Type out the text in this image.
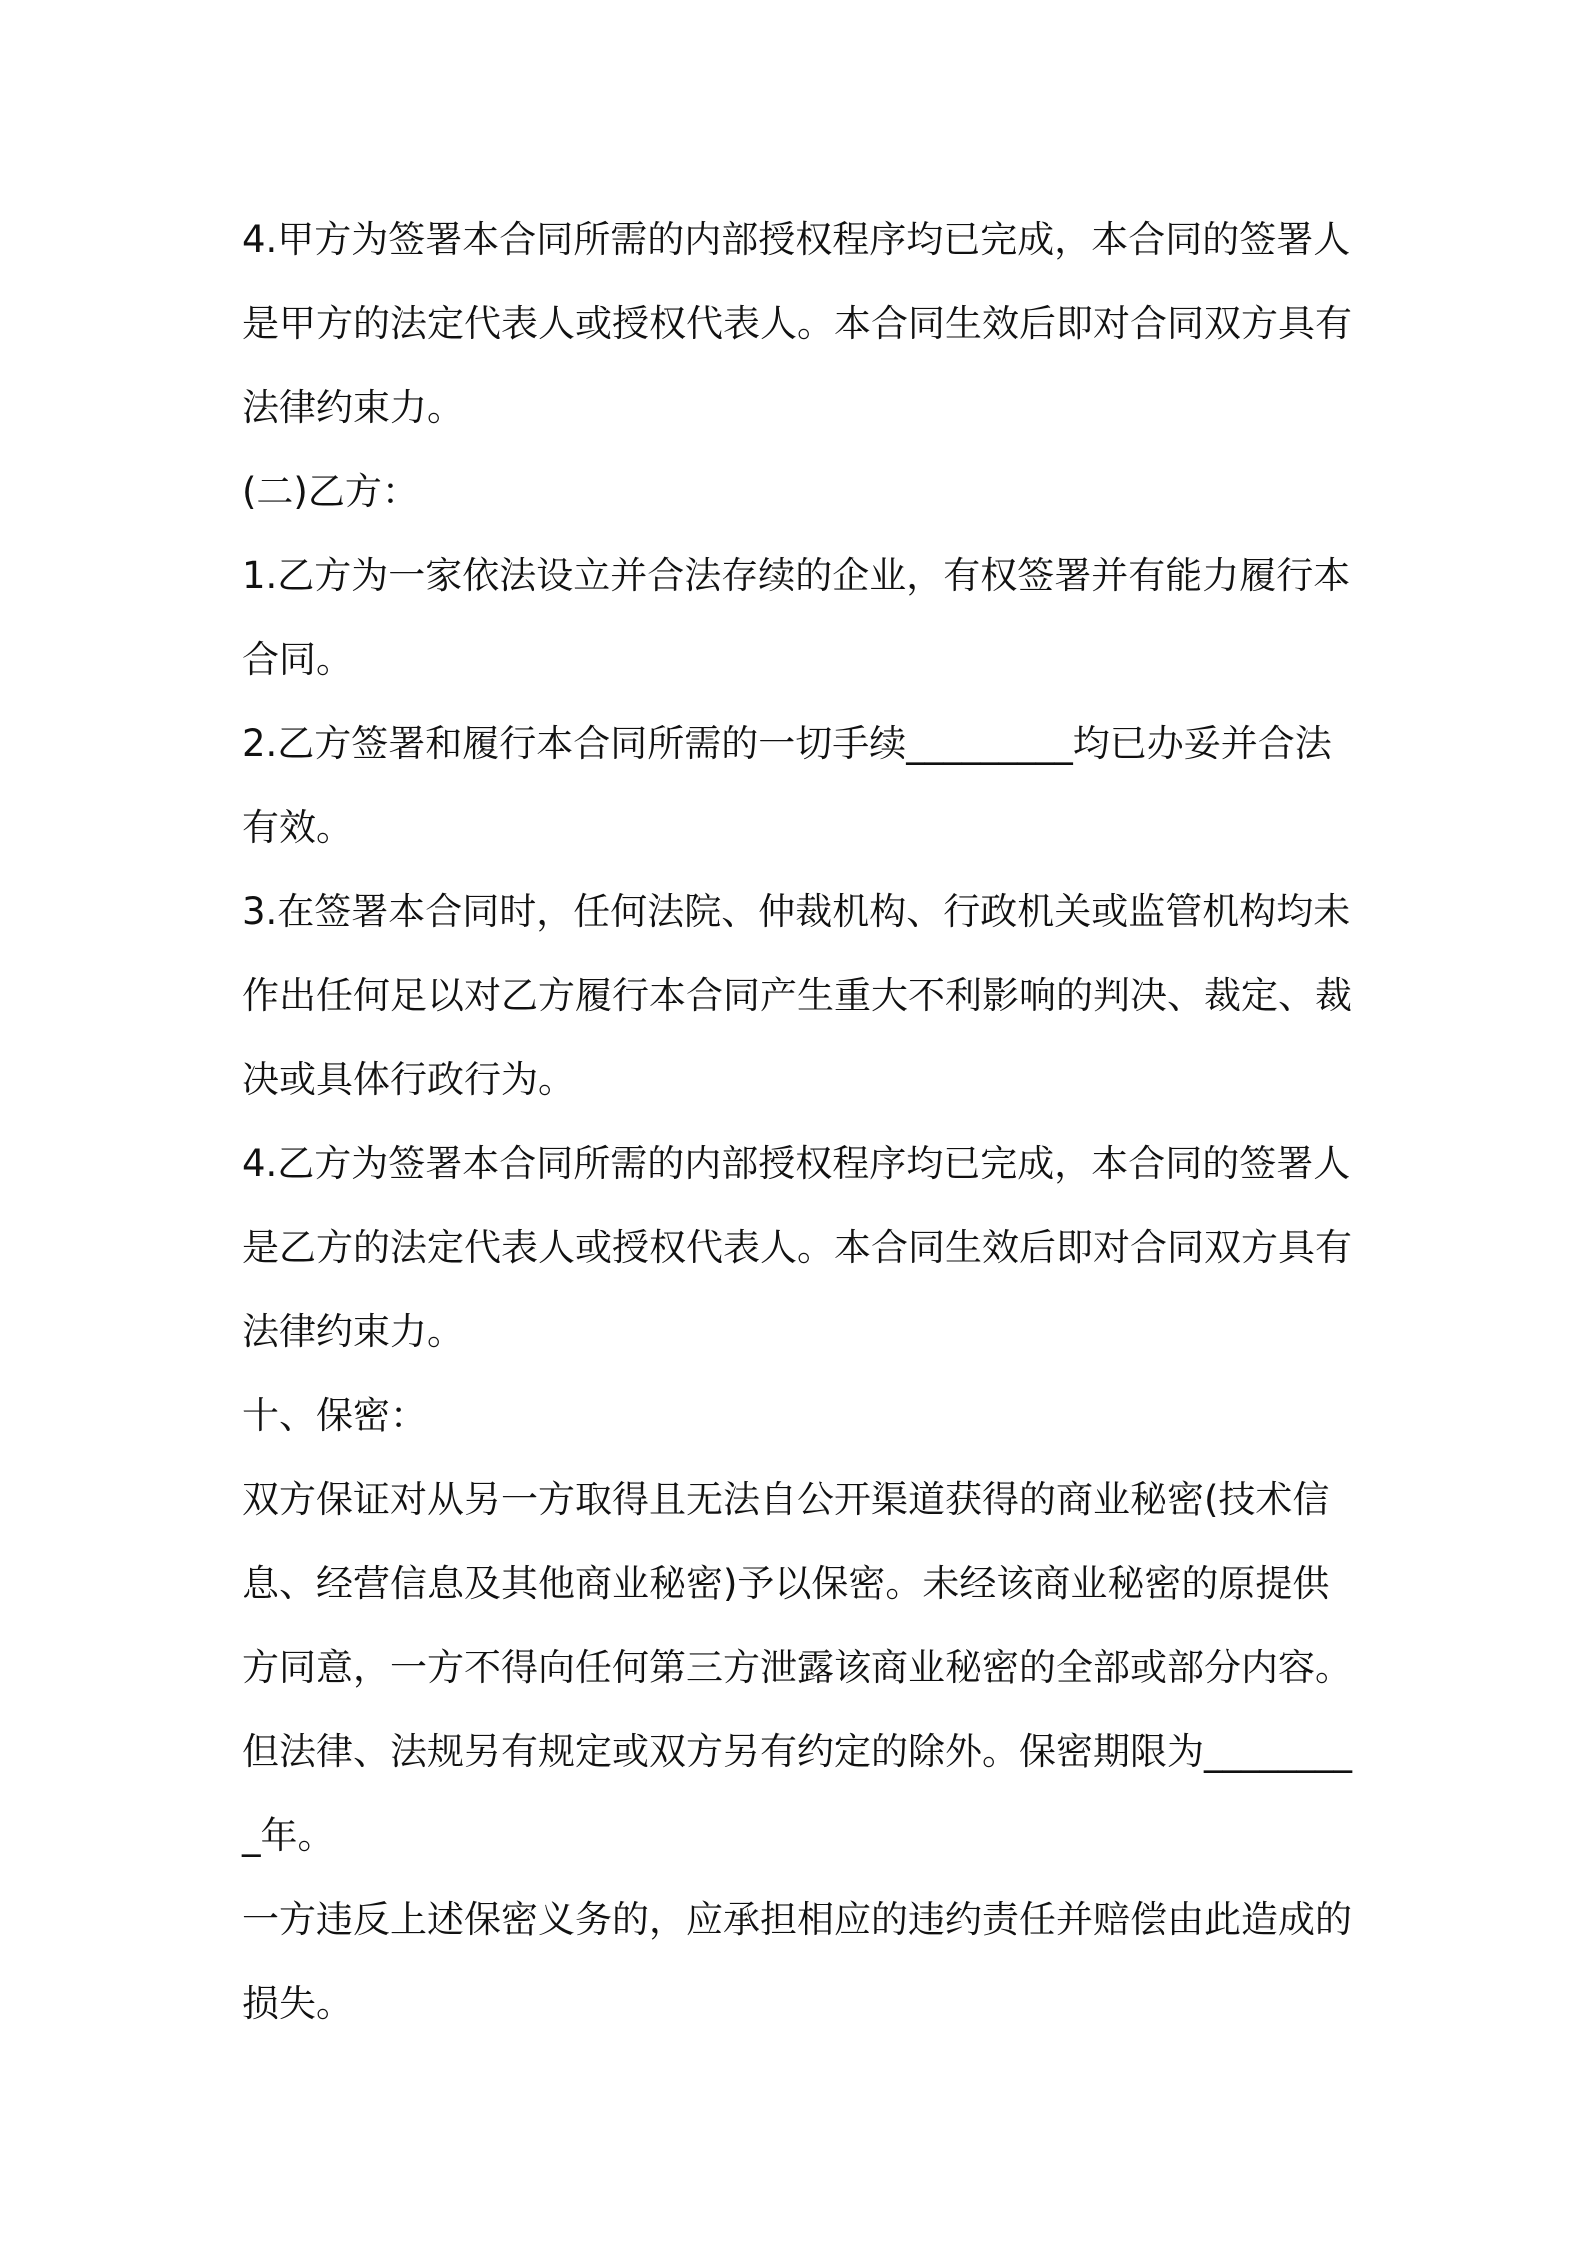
4.甲方为签署本合同所需的内部授权程序均已完成，本合同的签署人是甲方的法定代表人或授权代表人。本合同生效后即对合同双方具有法律约束力。

(二)乙方：

1.乙方为一家依法设立并合法存续的企业，有权签署并有能力履行本合同。

2.乙方签署和履行本合同所需的一切手续_________均已办妥并合法有效。

3.在签署本合同时，任何法院、仲裁机构、行政机关或监管机构均未作出任何足以对乙方履行本合同产生重大不利影响的判决、裁定、裁决或具体行政行为。

4.乙方为签署本合同所需的内部授权程序均已完成，本合同的签署人是乙方的法定代表人或授权代表人。本合同生效后即对合同双方具有法律约束力。

十、保密：

双方保证对从另一方取得且无法自公开渠道获得的商业秘密(技术信息、经营信息及其他商业秘密)予以保密。未经该商业秘密的原提供方同意，一方不得向任何第三方泄露该商业秘密的全部或部分内容。但法律、法规另有规定或双方另有约定的除外。保密期限为_________年。

一方违反上述保密义务的，应承担相应的违约责任并赔偿由此造成的损失。
